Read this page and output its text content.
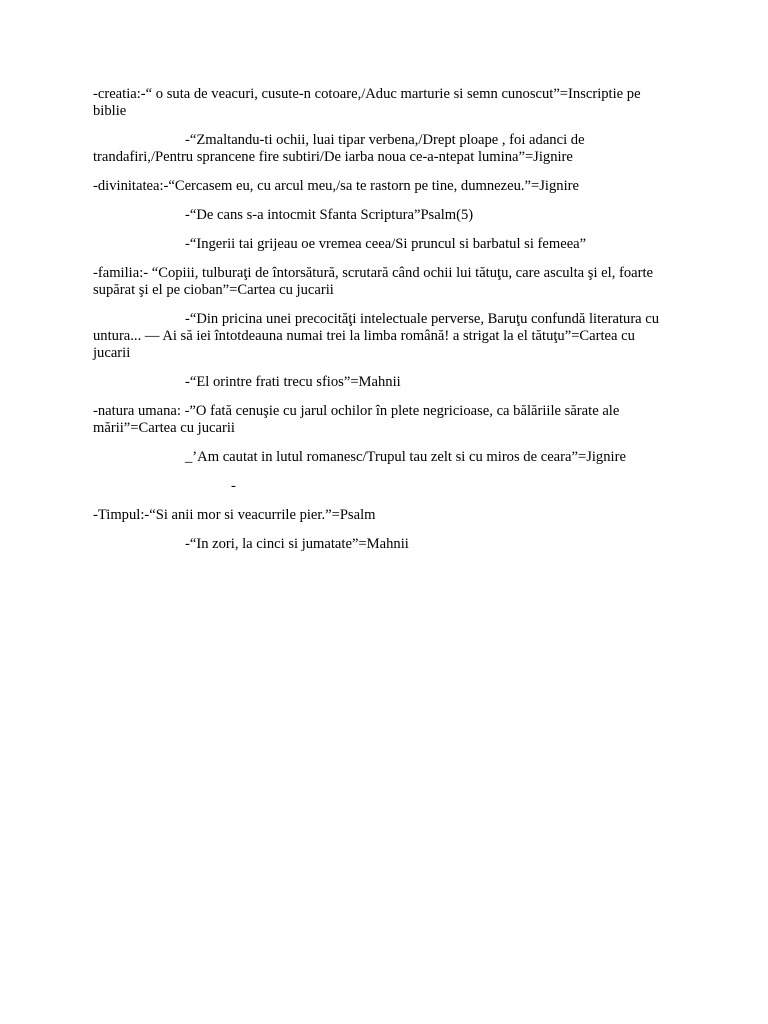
-creatia:-“ o suta de veacuri, cusute-n cotoare,/Aduc marturie si semn cunoscut”=Inscriptie pe biblie

-“Zmaltandu-ti ochii, luai tipar verbena,/Drept ploape , foi adanci de trandafiri,/Pentru sprancene fire subtiri/De iarba noua ce-a-ntepat lumina”=Jignire

-divinitatea:-“Cercasem eu, cu arcul meu,/sa te rastorn pe tine, dumnezeu.”=Jignire

-“De cans s-a intocmit Sfanta Scriptura”Psalm(5)

-“Ingerii tai grijeau oe vremea ceea/Si pruncul si barbatul si femeea”

-familia:- “Copiii, tulburaţi de întorsătură, scrutară când ochii lui tătuţu, care asculta şi el, foarte supărat şi el pe cioban”=Cartea cu jucarii

-“Din pricina unei precocităţi intelectuale perverse, Baruţu confundă literatura cu untura... — Ai să iei întotdeauna numai trei la limba română! a strigat la el tătuţu”=Cartea cu jucarii

-“El orintre frati trecu sfios”=Mahnii

-natura umana: -”O fată cenuşie cu jarul ochilor în plete negricioase, ca bălăriile sărate ale mării”=Cartea cu jucarii

_’Am cautat in lutul romanesc/Trupul tau zelt si cu miros de ceara”=Jignire

-

-Timpul:-“Si anii mor si veacurrile pier.”=Psalm

-“In zori, la cinci si jumatate”=Mahnii
